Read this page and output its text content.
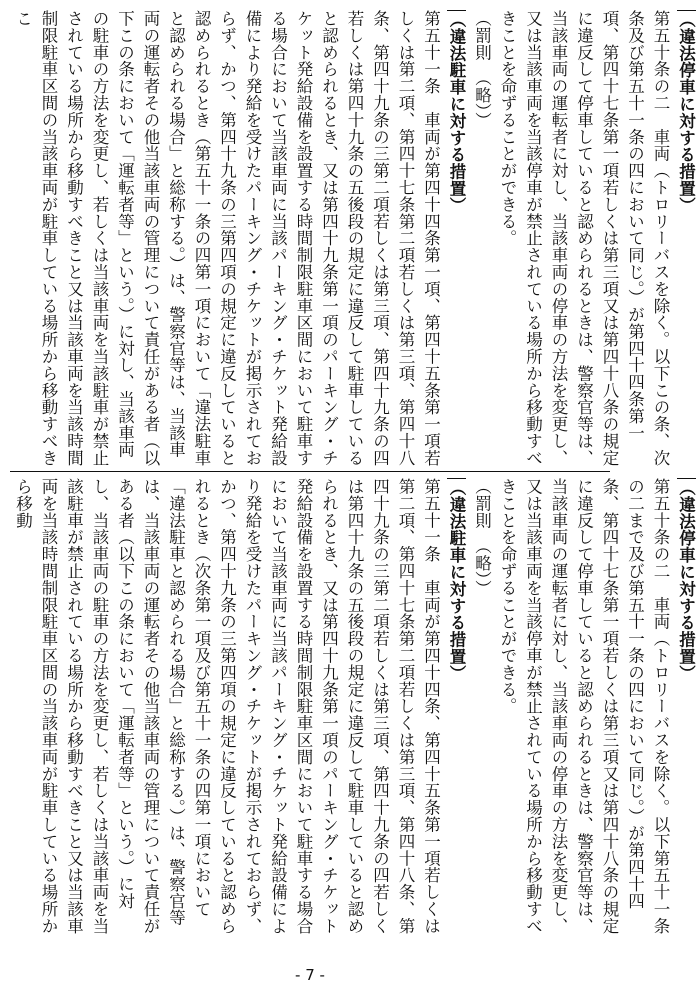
（違法停車に対する措置）

第五十条の二　車両（トロリーバスを除く。以下この条、次条及び第五十一条の四において同じ。）が第四十四条第一項、第四十七条第一項若しくは第三項又は第四十八条の規定に違反して停車していると認められるときは、警察官等は、当該車両の運転者に対し、当該車両の停車の方法を変更し、又は当該車両を当該停車が禁止されている場所から移動すべきことを命ずることができる。

（罰則　（略））

（違法駐車に対する措置）

第五十一条　車両が第四十四条第一項、第四十五条第一項若しくは第二項、第四十七条第二項若しくは第三項、第四十八条、第四十九条の三第二項若しくは第三項、第四十九条の四若しくは第四十九条の五後段の規定に違反して駐車していると認められるとき、又は第四十九条第一項のパーキング・チケット発給設備を設置する時間制限駐車区間において駐車する場合において当該車両に当該パーキング・チケット発給設備により発給を受けたパーキング・チケットが掲示されておらず、かつ、第四十九条の三第四項の規定に違反していると認められるとき（第五十一条の四第一項において「違法駐車と認められる場合」と総称する。）は、警察官等は、当該車両の運転者その他当該車両の管理について責任がある者（以下この条において「運転者等」という。）に対し、当該車両の駐車の方法を変更し、若しくは当該車両を当該駐車が禁止されている場所から移動すべきこと又は当該車両を当該時間制限駐車区間の当該車両が駐車している場所から移動すべきこ

（違法停車に対する措置）

第五十条の二　車両（トロリーバスを除く。以下第五十一条の二まで及び第五十一条の四において同じ。）が第四十四条、第四十七条第一項若しくは第三項又は第四十八条の規定に違反して停車していると認められるときは、警察官等は、当該車両の運転者に対し、当該車両の停車の方法を変更し、又は当該車両を当該停車が禁止されている場所から移動すべきことを命ずることができる。

（罰則　（略））

（違法駐車に対する措置）

第五十一条　車両が第四十四条、第四十五条第一項若しくは第二項、第四十七条第二項若しくは第三項、第四十八条、第四十九条の三第二項若しくは第三項、第四十九条の四若しくは第四十九条の五後段の規定に違反して駐車していると認められるとき、又は第四十九条第一項のパーキング・チケット発給設備を設置する時間制限駐車区間において駐車する場合において当該車両に当該パーキング・チケット発給設備により発給を受けたパーキング・チケットが掲示されておらず、かつ、第四十九条の三第四項の規定に違反していると認められるとき（次条第一項及び第五十一条の四第一項において「違法駐車と認められる場合」と総称する。）は、警察官等は、当該車両の運転者その他当該車両の管理について責任がある者（以下この条において「運転者等」という。）に対し、当該車両の駐車の方法を変更し、若しくは当該車両を当該駐車が禁止されている場所から移動すべきこと又は当該車両を当該時間制限駐車区間の当該車両が駐車している場所から移動

- 7 -
